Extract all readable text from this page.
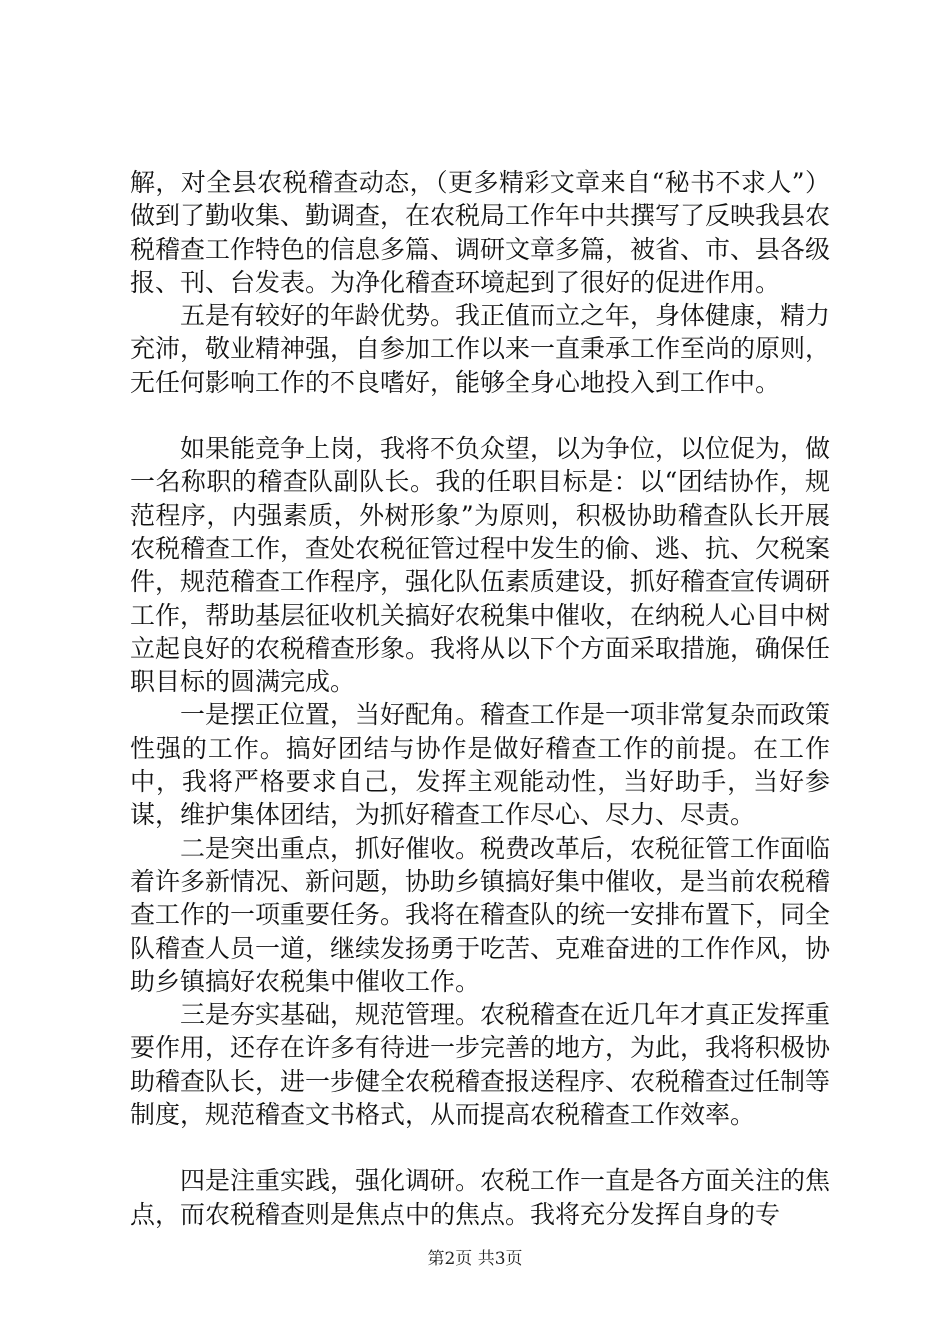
解，对全县农税稽查动态，（更多精彩文章来自“秘书不求人”）做到了勤收集、勤调查，在农税局工作年中共撰写了反映我县农税稽查工作特色的信息多篇、调研文章多篇，被省、市、县各级报、刊、台发表。为净化稽查环境起到了很好的促进作用。

五是有较好的年龄优势。我正值而立之年，身体健康，精力充沛，敬业精神强，自参加工作以来一直秉承工作至尚的原则，无任何影响工作的不良嗜好，能够全身心地投入到工作中。

如果能竞争上岗，我将不负众望，以为争位，以位促为，做一名称职的稽查队副队长。我的任职目标是：以“团结协作，规范程序，内强素质，外树形象”为原则，积极协助稽查队长开展农税稽查工作，查处农税征管过程中发生的偷、逃、抗、欠税案件，规范稽查工作程序，强化队伍素质建设，抓好稽查宣传调研工作，帮助基层征收机关搞好农税集中催收，在纳税人心目中树立起良好的农税稽查形象。我将从以下个方面采取措施，确保任职目标的圆满完成。

一是摆正位置，当好配角。稽查工作是一项非常复杂而政策性强的工作。搞好团结与协作是做好稽查工作的前提。在工作中，我将严格要求自己，发挥主观能动性，当好助手，当好参谋，维护集体团结，为抓好稽查工作尽心、尽力、尽责。

二是突出重点，抓好催收。税费改革后，农税征管工作面临着许多新情况、新问题，协助乡镇搞好集中催收，是当前农税稽查工作的一项重要任务。我将在稽查队的统一安排布置下，同全队稽查人员一道，继续发扬勇于吃苦、克难奋进的工作作风，协助乡镇搞好农税集中催收工作。

三是夯实基础，规范管理。农税稽查在近几年才真正发挥重要作用，还存在许多有待进一步完善的地方，为此，我将积极协助稽查队长，进一步健全农税稽查报送程序、农税稽查过任制等制度，规范稽查文书格式，从而提高农税稽查工作效率。

四是注重实践，强化调研。农税工作一直是各方面关注的焦点，而农税稽查则是焦点中的焦点。我将充分发挥自身的专

第2页 共3页
